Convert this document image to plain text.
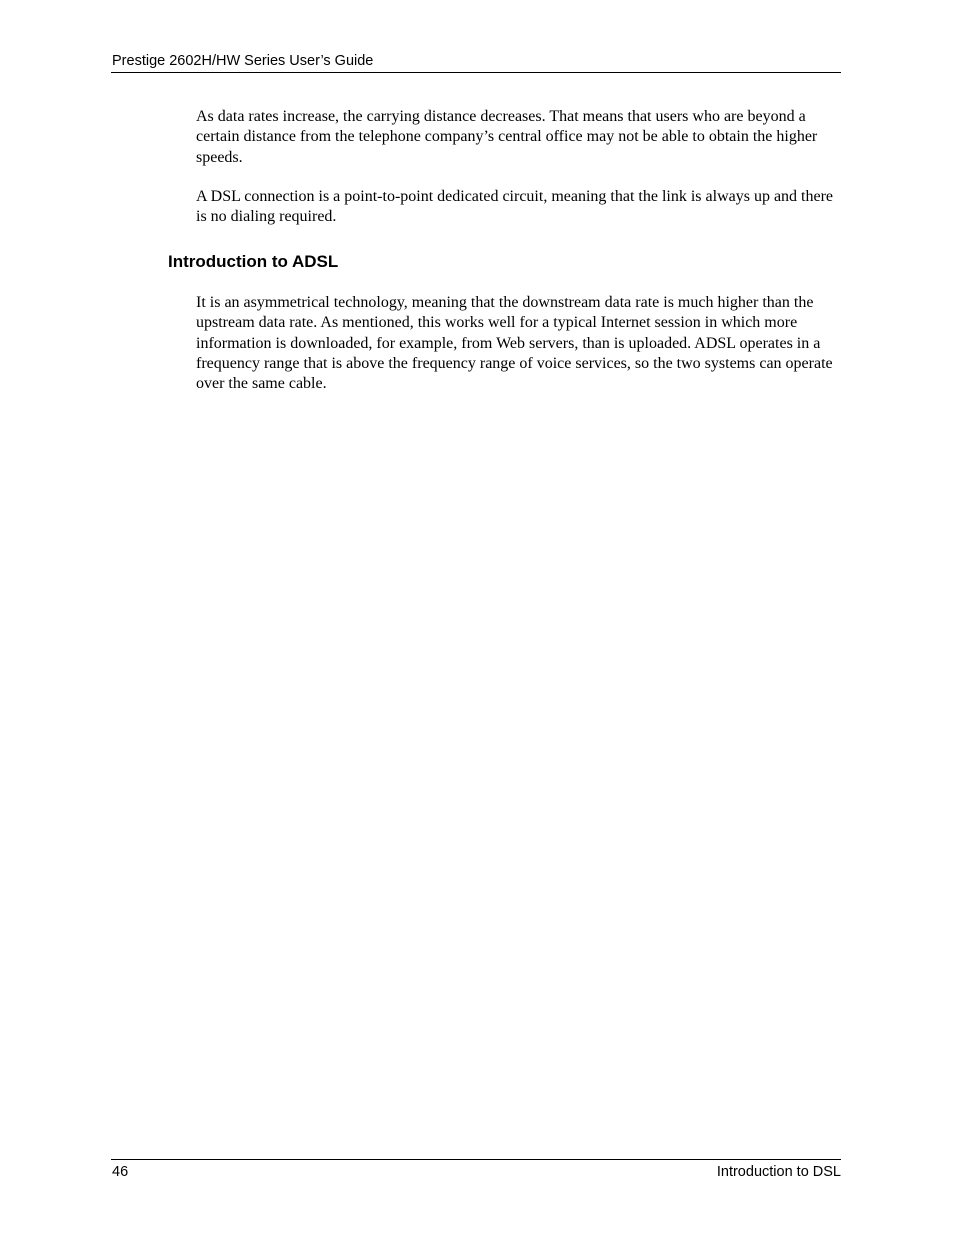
Prestige 2602H/HW Series User’s Guide

As data rates increase, the carrying distance decreases. That means that users who are beyond a certain distance from the telephone company’s central office may not be able to obtain the higher speeds.

A DSL connection is a point-to-point dedicated circuit, meaning that the link is always up and there is no dialing required.

Introduction to ADSL

It is an asymmetrical technology, meaning that the downstream data rate is much higher than the upstream data rate. As mentioned, this works well for a typical Internet session in which more information is downloaded, for example, from Web servers, than is uploaded. ADSL operates in a frequency range that is above the frequency range of voice services, so the two systems can operate over the same cable.

46	Introduction to DSL
